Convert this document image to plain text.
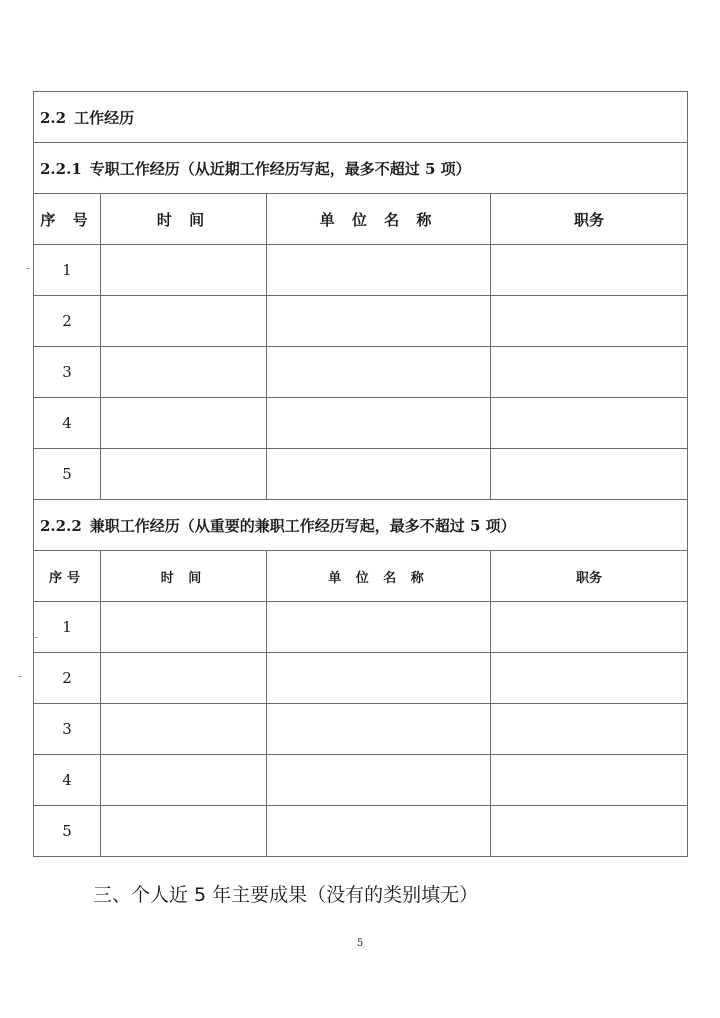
2.2 工作经历			
2.2.1 专职工作经历（从近期工作经历写起，最多不超过 5 项）			
序 号	时 间	单 位 名 称	职务
1			
2			
3			
4			
5			
2.2.2 兼职工作经历（从重要的兼职工作经历写起，最多不超过 5 项）			
序号	时 间	单 位 名 称	职务
1			
2			
3			
4			
5			
三、个人近 5 年主要成果（没有的类别填无）
5
